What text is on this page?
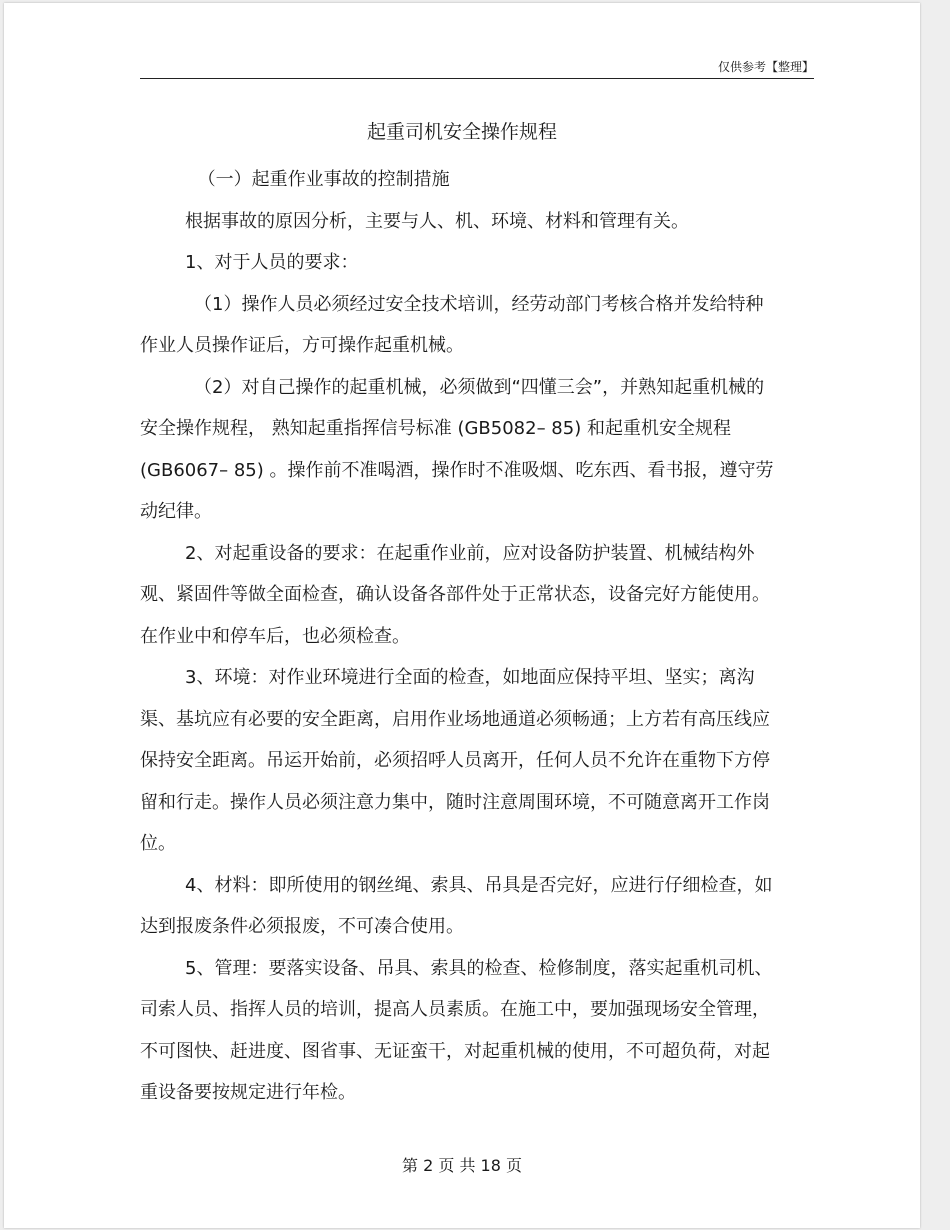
仅供参考【整理】
起重司机安全操作规程

（一）起重作业事故的控制措施

根据事故的原因分析，主要与人、机、环境、材料和管理有关。

1、对于人员的要求：

（1）操作人员必须经过安全技术培训，经劳动部门考核合格并发给特种作业人员操作证后，方可操作起重机械。

（2）对自己操作的起重机械，必须做到“四懂三会”，并熟知起重机械的安全操作规程， 熟知起重指挥信号标准 (GB5082– 85) 和起重机安全规程 (GB6067– 85) 。操作前不准喝酒，操作时不准吸烟、吃东西、看书报，遵守劳动纪律。

2、对起重设备的要求：在起重作业前，应对设备防护装置、机械结构外观、紧固件等做全面检查，确认设备各部件处于正常状态，设备完好方能使用。在作业中和停车后，也必须检查。

3、环境：对作业环境进行全面的检查，如地面应保持平坦、坚实；离沟渠、基坑应有必要的安全距离，启用作业场地通道必须畅通；上方若有高压线应保持安全距离。吊运开始前，必须招呼人员离开，任何人员不允许在重物下方停留和行走。操作人员必须注意力集中，随时注意周围环境，不可随意离开工作岗位。

4、材料：即所使用的钢丝绳、索具、吊具是否完好，应进行仔细检查，如达到报废条件必须报废，不可凑合使用。

5、管理：要落实设备、吊具、索具的检查、检修制度，落实起重机司机、司索人员、指挥人员的培训，提高人员素质。在施工中，要加强现场安全管理，不可图快、赶进度、图省事、无证蛮干，对起重机械的使用，不可超负荷，对起重设备要按规定进行年检。

第 2 页 共 18 页
